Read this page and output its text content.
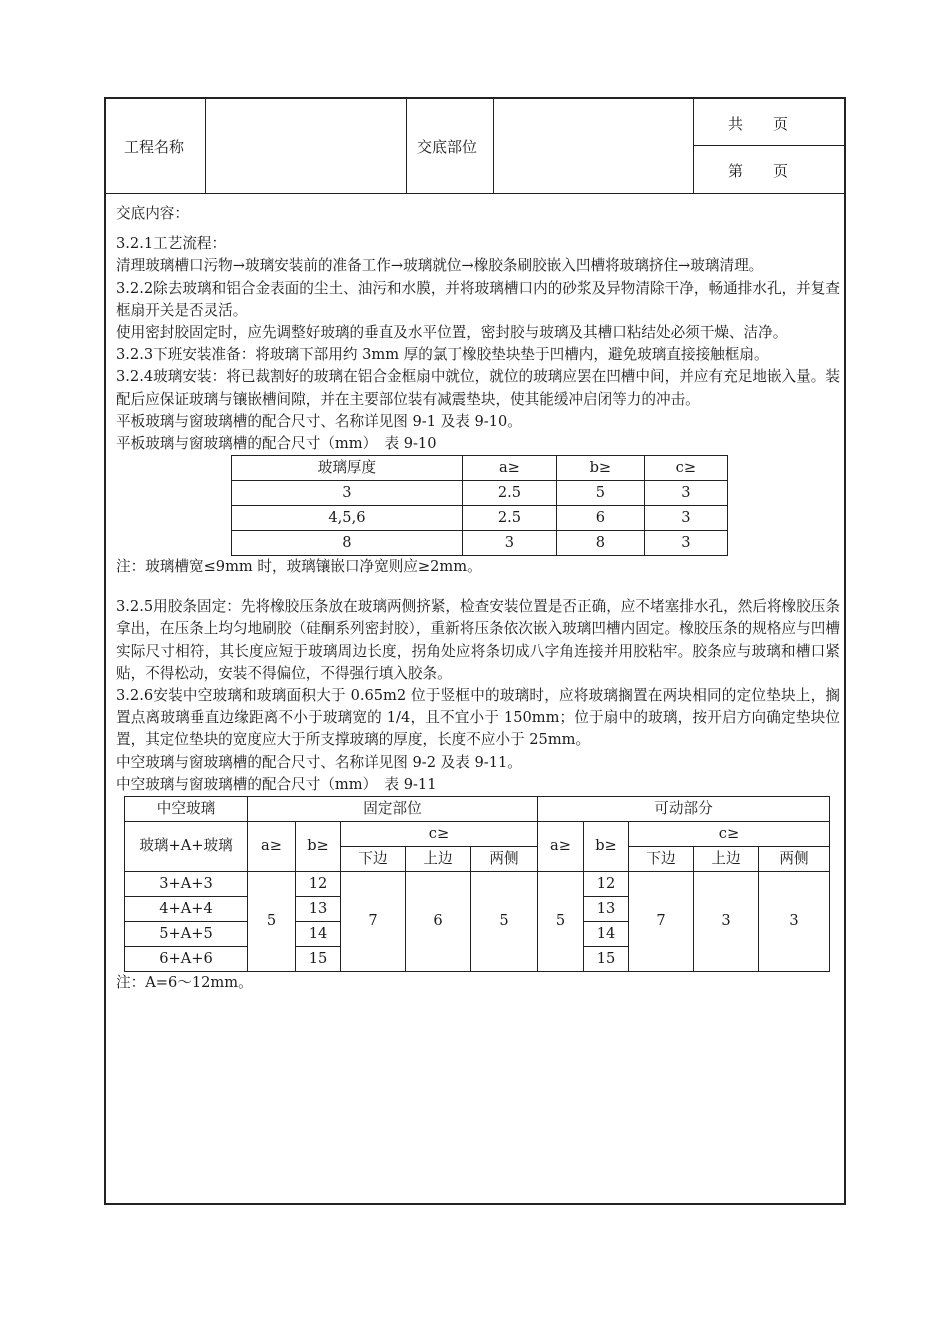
工程名称	交底部位
共　　页
第　　页

交底内容：

3.2.1工艺流程：

清理玻璃槽口污物→玻璃安装前的准备工作→玻璃就位→橡胶条刷胶嵌入凹槽将玻璃挤住→玻璃清理。

3.2.2除去玻璃和铝合金表面的尘土、油污和水膜，并将玻璃槽口内的砂浆及异物清除干净，畅通排水孔，并复查框扇开关是否灵活。

使用密封胶固定时，应先调整好玻璃的垂直及水平位置，密封胶与玻璃及其槽口粘结处必须干燥、洁净。

3.2.3下班安装准备：将玻璃下部用约 3mm 厚的氯丁橡胶垫块垫于凹槽内，避免玻璃直接接触框扇。

3.2.4玻璃安装：将已裁割好的玻璃在铝合金框扇中就位，就位的玻璃应罢在凹槽中间，并应有充足地嵌入量。装配后应保证玻璃与镶嵌槽间隙，并在主要部位装有减震垫块，使其能缓冲启闭等力的冲击。

平板玻璃与窗玻璃槽的配合尺寸、名称详见图 9-1 及表 9-10。

平板玻璃与窗玻璃槽的配合尺寸（mm）　表 9-10

玻璃厚度	a≥	b≥	c≥
3	2.5	5	3
4,5,6	2.5	6	3
8	3	8	3

注：玻璃槽宽≤9mm 时，玻璃镶嵌口净宽则应≥2mm。

3.2.5用胶条固定：先将橡胶压条放在玻璃两侧挤紧，检查安装位置是否正确，应不堵塞排水孔，然后将橡胶压条拿出，在压条上均匀地刷胶（硅酮系列密封胶），重新将压条依次嵌入玻璃凹槽内固定。橡胶压条的规格应与凹槽实际尺寸相符，其长度应短于玻璃周边长度，拐角处应将条切成八字角连接并用胶粘牢。胶条应与玻璃和槽口紧贴，不得松动，安装不得偏位，不得强行填入胶条。

3.2.6安装中空玻璃和玻璃面积大于 0.65m2 位于竖框中的玻璃时，应将玻璃搁置在两块相同的定位垫块上，搁置点离玻璃垂直边缘距离不小于玻璃宽的 1/4，且不宜小于 150mm；位于扇中的玻璃，按开启方向确定垫块位置，其定位垫块的宽度应大于所支撑玻璃的厚度，长度不应小于 25mm。

中空玻璃与窗玻璃槽的配合尺寸、名称详见图 9-2 及表 9-11。

中空玻璃与窗玻璃槽的配合尺寸（mm）　表 9-11

中空玻璃	固定部位					可动部分				
玻璃+A+玻璃	a≥	b≥	c≥			a≥	b≥	c≥		
			下边	上边	两侧			下边	上边	两侧
3+A+3	5	12	7	6	5	5	12	7	3	3
4+A+4		13					13			
5+A+5		14					14			
6+A+6		15					15			

注：A=6～12mm。
